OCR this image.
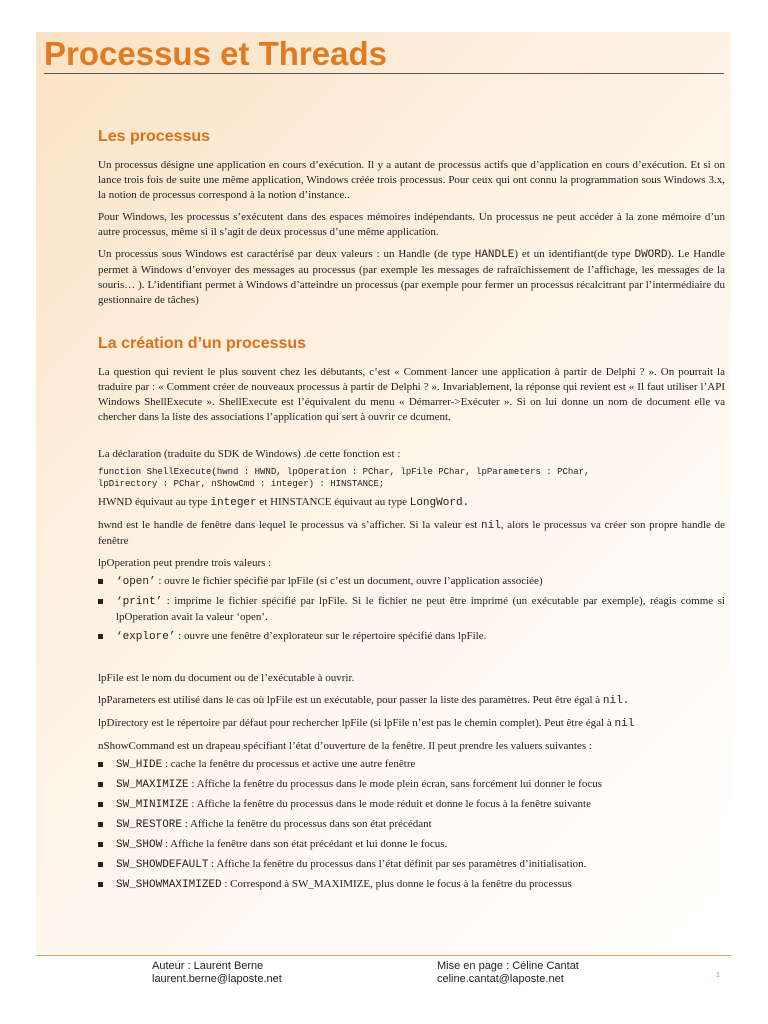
Processus et Threads
Les processus

Un processus désigne une application en cours d’exécution. Il y a autant de processus actifs que d’application en cours d’exécution. Et si on lance trois fois de suite une même application, Windows créée trois processus. Pour ceux qui ont connu la programmation sous Windows 3.x, la notion de processus correspond à la notion d’instance..

Pour Windows, les processus s’exécutent dans des espaces mémoires indépendants. Un processus ne peut accéder à la zone mémoire d’un autre processus, même si il s’agit de deux processus d’une même application.

Un processus sous Windows est caractérisé par deux valeurs : un Handle (de type HANDLE) et un identifiant(de type DWORD). Le Handle permet à Windows d’envoyer des messages au processus (par exemple les messages de rafraîchissement de l’affichage, les messages de la souris… ). L’identifiant permet à Windows d’atteindre un processus (par exemple pour fermer un processus récalcitrant par l’intermédiaire du gestionnaire de tâches)

La création d’un processus

La question qui revient le plus souvent chez les débutants, c’est « Comment lancer une application à partir de Delphi ? ». On pourrait la traduire par : « Comment créer de nouveaux processus à partir de Delphi ? ». Invariablement, la réponse qui revient est « Il faut utiliser l’API Windows ShellExecute ». ShellExecute est l’équivalent du menu « Démarrer->Exécuter ». Si on lui donne un nom de document elle va chercher dans la liste des associations l’application qui sert à ouvrir ce dcument.

La déclaration (traduite du SDK de Windows) .de cette fonction est :

function ShellExecute(hwnd : HWND, lpOperation : PChar, lpFile PChar, lpParameters : PChar,
lpDirectory : PChar, nShowCmd : integer) : HINSTANCE;

HWND équivaut au type integer et HINSTANCE équivaut au type LongWord.

hwnd est le handle de fenêtre dans lequel le processus va s’afficher. Si la valeur est nil, alors le processus va créer son propre handle de fenêtre

lpOperation peut prendre trois valeurs :

‘open’ : ouvre le fichier spécifié par lpFile (si c’est un document, ouvre l’application associée)
‘print’ : imprime le fichier spécifié par lpFile. Si le fichier ne peut être imprimé (un exécutable par exemple), réagis comme si lpOperation avait la valeur ‘open’.
‘explore’ : ouvre une fenêtre d’explorateur sur le répertoire spécifié dans lpFile.

lpFile est le nom du document ou de l’exécutable à ouvrir.

lpParameters est utilisé dans le cas où lpFile est un exécutable, pour passer la liste des paramètres. Peut être égal à nil.

lpDirectory est le répertoire par défaut pour rechercher lpFile (si lpFile n’est pas le chemin complet). Peut être égal à nil

nShowCommand est un drapeau spécifiant l’état d’ouverture de la fenêtre. Il peut prendre les valuers suivantes :

SW_HIDE : cache la fenêtre du processus et active une autre fenêtre
SW_MAXIMIZE : Affiche la fenêtre du processus dans le mode plein écran, sans forcément lui donner le focus
SW_MINIMIZE : Affiche la fenêtre du processus dans le mode réduit et donne le focus à la fenêtre suivante
SW_RESTORE : Affiche la fenêtre du processus dans son état précédant
SW_SHOW : Affiche la fenêtre dans son état précédant et lui donne le focus.
SW_SHOWDEFAULT : Affiche la fenêtre du processus dans l’état définit par ses paramètres d’initialisation.
SW_SHOWMAXIMIZED : Correspond à SW_MAXIMIZE, plus donne le focus à la fenêtre du processus
Auteur : Laurent Berne
laurent.berne@laposte.net
Mise en page : Céline Cantat
celine.cantat@laposte.net	1
